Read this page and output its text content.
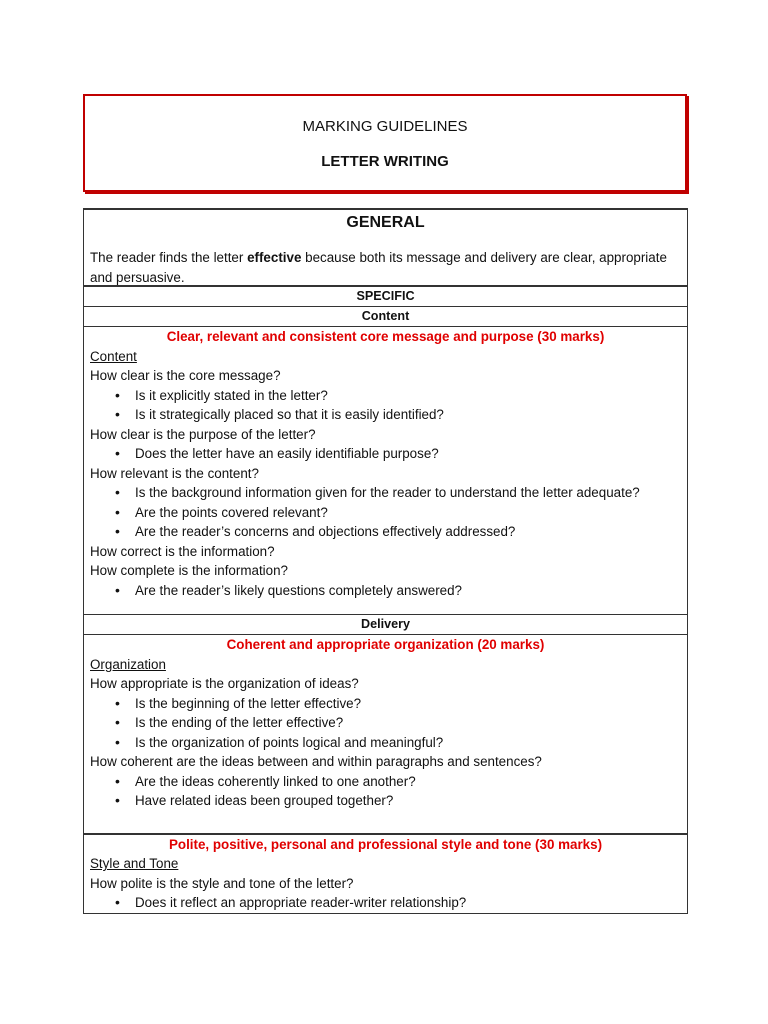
MARKING GUIDELINES
LETTER WRITING
GENERAL

The reader finds the letter effective because both its message and delivery are clear, appropriate and persuasive.

SPECIFIC
Content
Clear, relevant and consistent core message and purpose (30 marks)
Content
How clear is the core message?
• Is it explicitly stated in the letter?
• Is it strategically placed so that it is easily identified?
How clear is the purpose of the letter?
• Does the letter have an easily identifiable purpose?
How relevant is the content?
• Is the background information given for the reader to understand the letter adequate?
• Are the points covered relevant?
• Are the reader’s concerns and objections effectively addressed?
How correct is the information?
How complete is the information?
• Are the reader’s likely questions completely answered?
Delivery
Coherent and appropriate organization (20 marks)
Organization
How appropriate is the organization of ideas?
• Is the beginning of the letter effective?
• Is the ending of the letter effective?
• Is the organization of points logical and meaningful?
How coherent are the ideas between and within paragraphs and sentences?
• Are the ideas coherently linked to one another?
• Have related ideas been grouped together?
Polite, positive, personal and professional style and tone (30 marks)
Style and Tone
How polite is the style and tone of the letter?
• Does it reflect an appropriate reader-writer relationship?
